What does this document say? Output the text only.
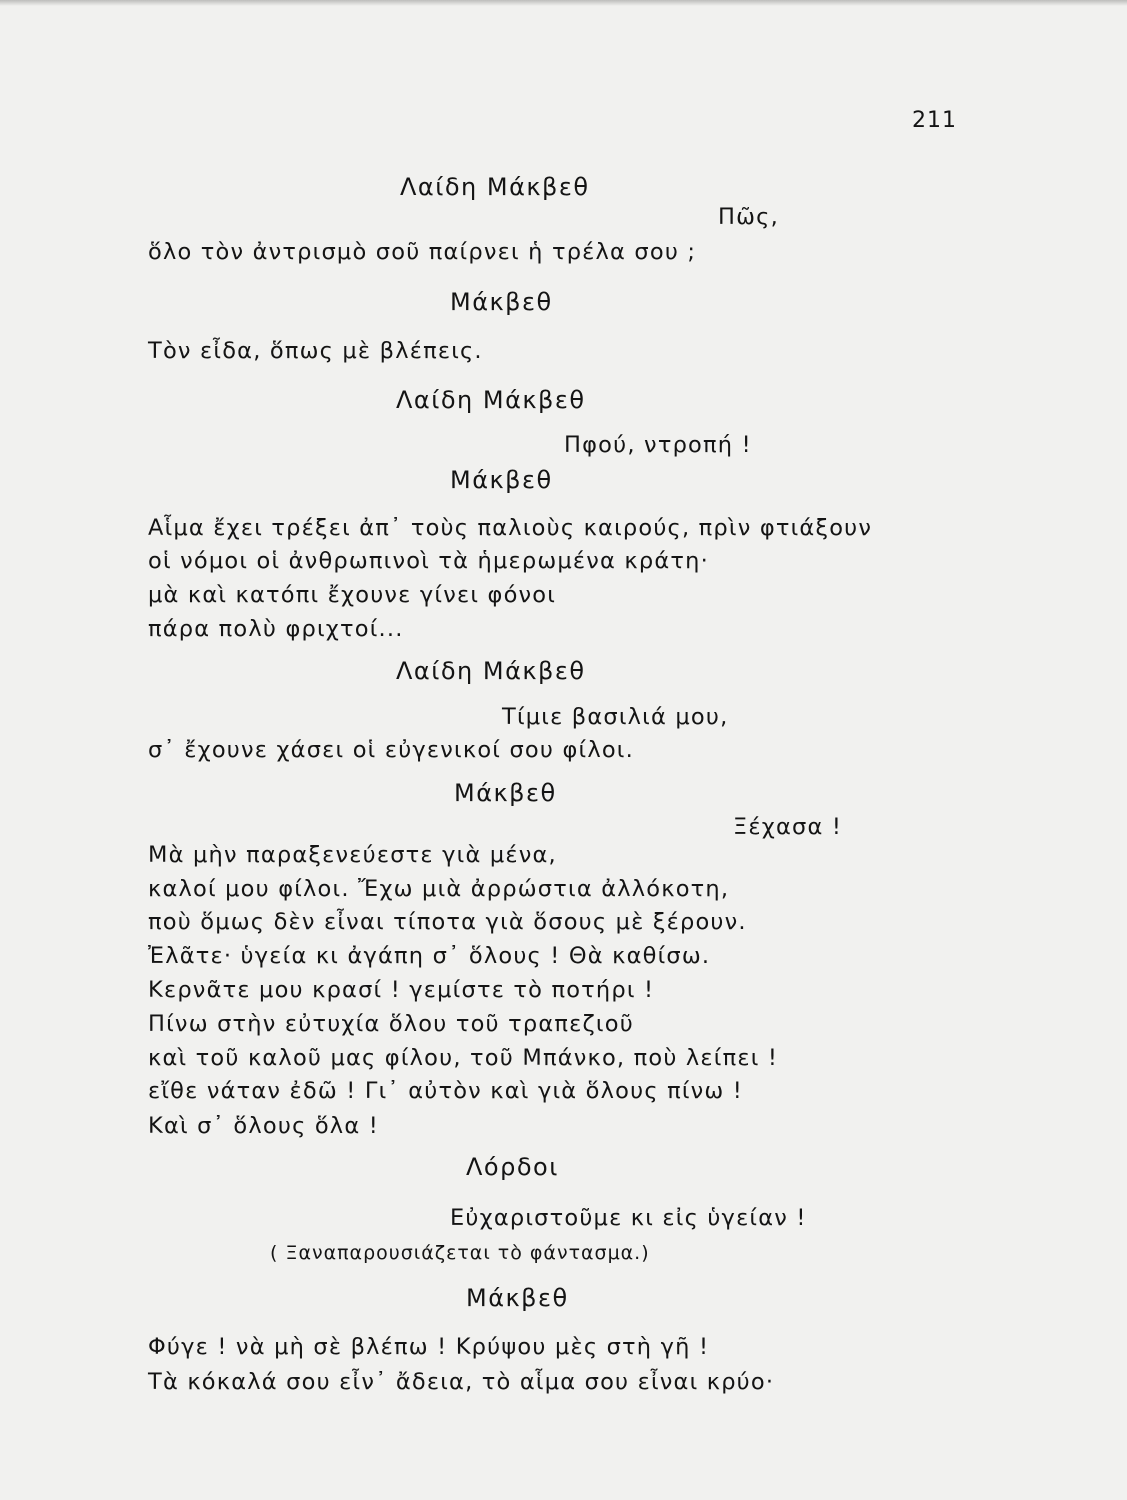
211
Λαίδη Μάκβεθ
Πῶς,
ὅλο τὸν ἀντρισμὸ σοῦ παίρνει ἡ τρέλα σου ;
Μάκβεθ
Τὸν εἶδα, ὅπως μὲ βλέπεις.
Λαίδη Μάκβεθ
Πφού, ντροπή !
Μάκβεθ
Αἷμα ἔχει τρέξει ἀπ᾽ τοὺς παλιοὺς καιρούς, πρὶν φτιάξουν
οἱ νόμοι οἱ ἀνθρωπινοὶ τὰ ἡμερωμένα κράτη·
μὰ καὶ κατόπι ἔχουνε γίνει φόνοι
πάρα πολὺ φριχτοί...
Λαίδη Μάκβεθ
Τίμιε βασιλιά μου,
σ᾽ ἔχουνε χάσει οἱ εὐγενικοί σου φίλοι.
Μάκβεθ
Ξέχασα !
Μὰ μὴν παραξενεύεστε γιὰ μένα,
καλοί μου φίλοι. Ἔχω μιὰ ἀρρώστια ἀλλόκοτη,
ποὺ ὅμως δὲν εἶναι τίποτα γιὰ ὅσους μὲ ξέρουν.
Ἐλᾶτε· ὑγεία κι ἀγάπη σ᾽ ὅλους ! Θὰ καθίσω.
Κερνᾶτε μου κρασί ! γεμίστε τὸ ποτήρι !
Πίνω στὴν εὐτυχία ὅλου τοῦ τραπεζιοῦ
καὶ τοῦ καλοῦ μας φίλου, τοῦ Μπάνκο, ποὺ λείπει !
εἴθε νάταν ἐδῶ ! Γι᾽ αὐτὸν καὶ γιὰ ὅλους πίνω !
Καὶ σ᾽ ὅλους ὅλα !
Λόρδοι
Εὐχαριστοῦμε κι εἰς ὑγείαν !
( Ξαναπαρουσιάζεται τὸ φάντασμα.)
Μάκβεθ
Φύγε ! νὰ μὴ σὲ βλέπω ! Κρύψου μὲς στὴ γῆ !
Τὰ κόκαλά σου εἶν᾽ ἄδεια, τὸ αἷμα σου εἶναι κρύο·
